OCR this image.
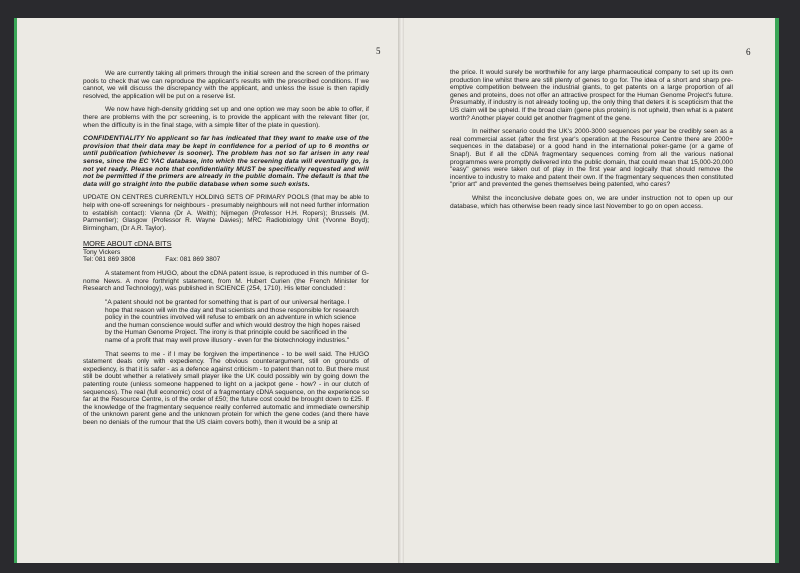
5

We are currently taking all primers through the initial screen and the screen of the primary pools to check that we can reproduce the applicant's results with the prescribed conditions. If we cannot, we will discuss the discrepancy with the applicant, and unless the issue is then rapidly resolved, the application will be put on a reserve list.

We now have high-density gridding set up and one option we may soon be able to offer, if there are problems with the pcr screening, is to provide the applicant with the relevant filter (or, when the difficulty is in the final stage, with a simple filter of the plate in question).

CONFIDENTIALITY No applicant so far has indicated that they want to make use of the provision that their data may be kept in confidence for a period of up to 6 months or until publication (whichever is sooner). The problem has not so far arisen in any real sense, since the EC YAC database, into which the screening data will eventually go, is not yet ready. Please note that confidentiality MUST be specifically requested and will not be permitted if the primers are already in the public domain. The default is that the data will go straight into the public database when some such exists.

UPDATE ON CENTRES CURRENTLY HOLDING SETS OF PRIMARY POOLS (that may be able to help with one-off screenings for neighbours - presumably neighbours will not need further information to establish contact): Vienna (Dr A. Weith); Nijmegen (Professor H.H. Ropers); Brussels (M. Parmentier); Glasgow (Professor R. Wayne Davies); MRC Radiobiology Unit (Yvonne Boyd); Birmingham, (Dr A.R. Taylor).

MORE ABOUT cDNA BITS

Tony Vickers

Tel: 081 869 3808	Fax: 081 869 3807

A statement from HUGO, about the cDNA patent issue, is reproduced in this number of G-nome News. A more forthright statement, from M. Hubert Curien (the French Minister for Research and Technology), was published in SCIENCE (254, 1710). His letter concluded :

"A patent should not be granted for something that is part of our universal heritage. I hope that reason will win the day and that scientists and those responsible for research policy in the countries involved will refuse to embark on an adventure in which science and the human conscience would suffer and which would destroy the high hopes raised by the Human Genome Project. The irony is that principle could be sacrificed in the name of a profit that may well prove illusory - even for the biotechnology industries."

That seems to me - if I may be forgiven the impertinence - to be well said. The HUGO statement deals only with expediency. The obvious counterargument, still on grounds of expediency, is that it is safer - as a defence against criticism - to patent than not to. But there must still be doubt whether a relatively small player like the UK could possibly win by going down the patenting route (unless someone happened to light on a jackpot gene - how? - in our clutch of sequences). The real (full economic) cost of a fragmentary cDNA sequence, on the experience so far at the Resource Centre, is of the order of £50; the future cost could be brought down to £25. If the knowledge of the fragmentary sequence really conferred automatic and immediate ownership of the unknown parent gene and the unknown protein for which the gene codes (and there have been no denials of the rumour that the US claim covers both), then it would be a snip at

6

the price. It would surely be worthwhile for any large pharmaceutical company to set up its own production line whilst there are still plenty of genes to go for. The idea of a short and sharp pre-emptive competition between the industrial giants, to get patents on a large proportion of all genes and proteins, does not offer an attractive prospect for the Human Genome Project's future. Presumably, if industry is not already tooling up, the only thing that deters it is scepticism that the US claim will be upheld. If the broad claim (gene plus protein) is not upheld, then what is a patent worth? Another player could get another fragment of the gene.

In neither scenario could the UK's 2000-3000 sequences per year be credibly seen as a real commercial asset (after the first year's operation at the Resource Centre there are 2000+ sequences in the database) or a good hand in the international poker-game (or a game of Snap!). But if all the cDNA fragmentary sequences coming from all the various national programmes were promptly delivered into the public domain, that could mean that 15,000-20,000 "easy" genes were taken out of play in the first year and logically that should remove the incentive to industry to make and patent their own. If the fragmentary sequences then constituted "prior art" and prevented the genes themselves being patented, who cares?

Whilst the inconclusive debate goes on, we are under instruction not to open up our database, which has otherwise been ready since last November to go on open access.
